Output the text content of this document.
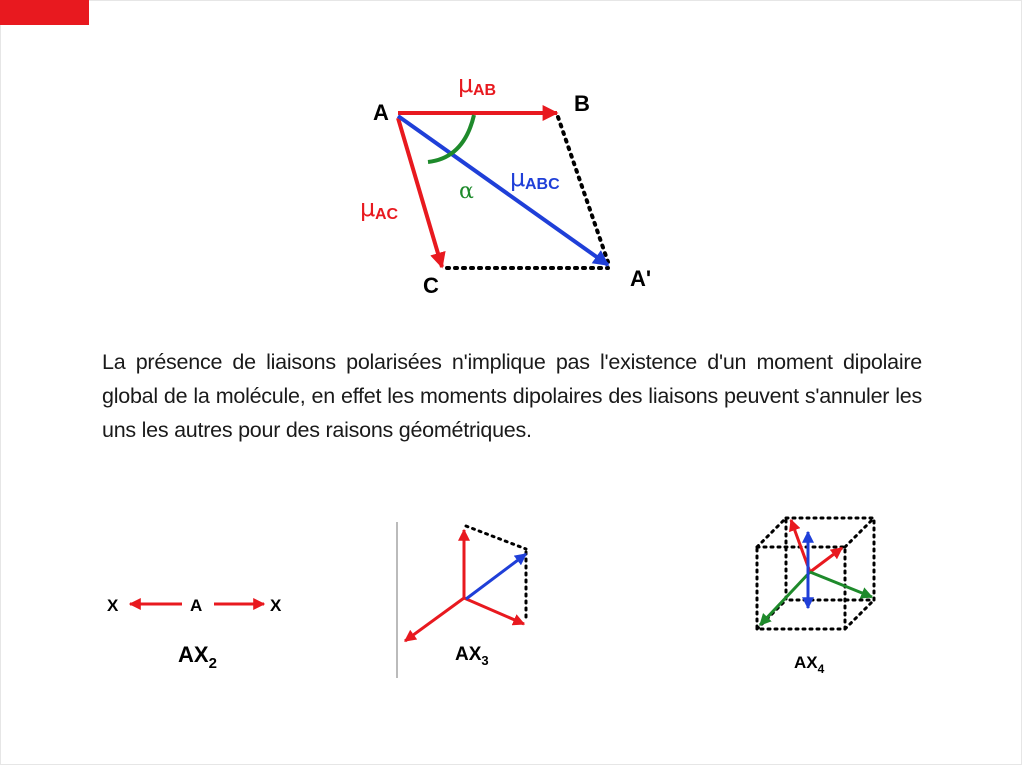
A	B
C	A'
μ AB
μ AC
μ ABC
α
X	A	X
$AX_2$	$AX_3$	$AX_4$
La présence de liaisons polarisées n'implique pas l'existence d'un moment dipolaire global de la molécule, en effet les moments dipolaires des liaisons peuvent s'annuler les uns les autres pour des raisons géométriques.
